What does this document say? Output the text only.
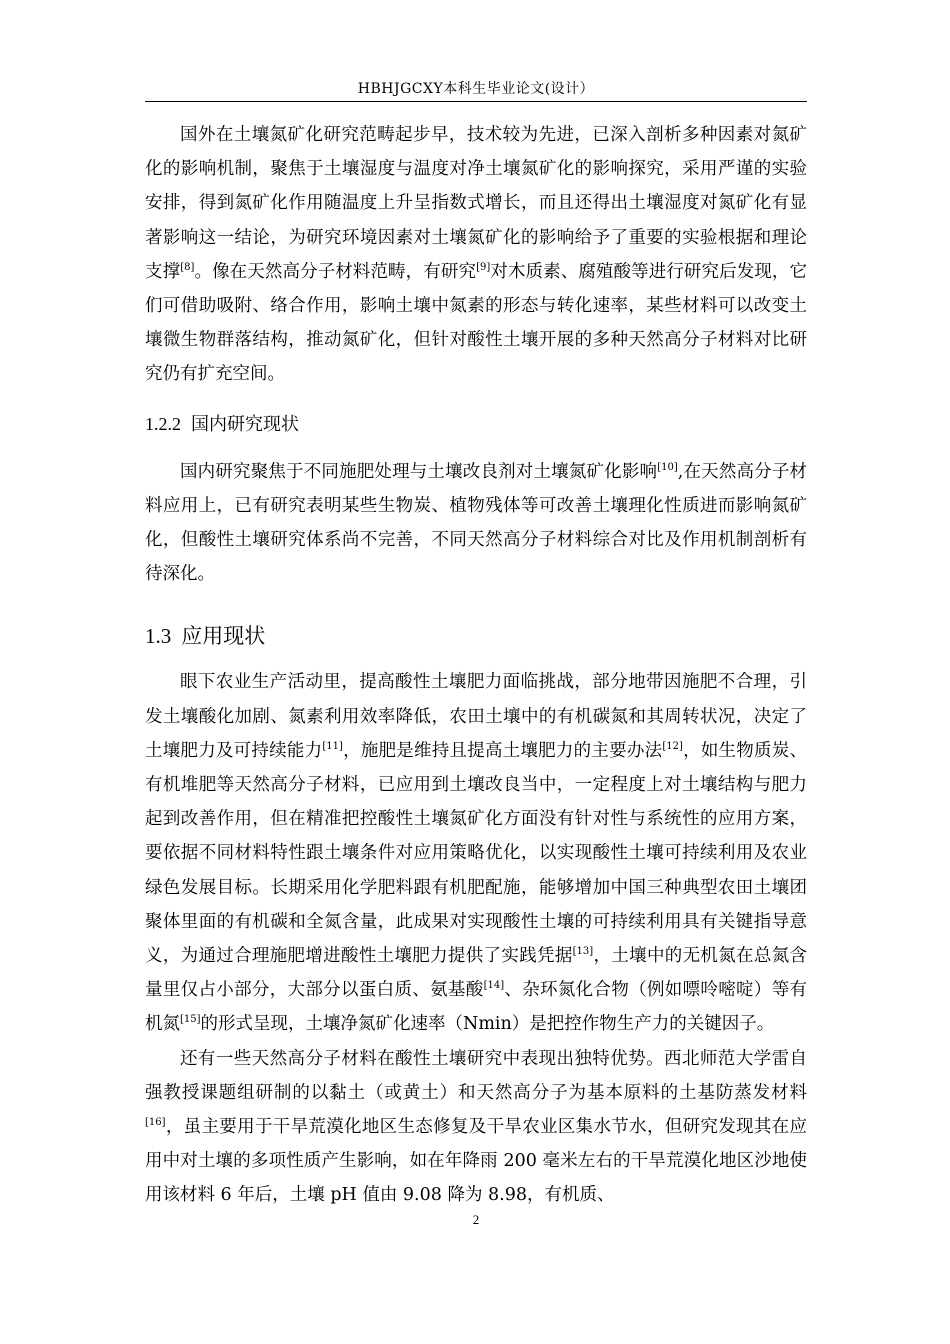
HBHJGCXY本科生毕业论文(设计）

国外在土壤氮矿化研究范畴起步早，技术较为先进，已深入剖析多种因素对氮矿化的影响机制，聚焦于土壤湿度与温度对净土壤氮矿化的影响探究，采用严谨的实验安排，得到氮矿化作用随温度上升呈指数式增长，而且还得出土壤湿度对氮矿化有显著影响这一结论，为研究环境因素对土壤氮矿化的影响给予了重要的实验根据和理论支撑[8]。像在天然高分子材料范畴，有研究[9]对木质素、腐殖酸等进行研究后发现，它们可借助吸附、络合作用，影响土壤中氮素的形态与转化速率，某些材料可以改变土壤微生物群落结构，推动氮矿化，但针对酸性土壤开展的多种天然高分子材料对比研究仍有扩充空间。

1.2.2 国内研究现状

国内研究聚焦于不同施肥处理与土壤改良剂对土壤氮矿化影响[10],在天然高分子材料应用上，已有研究表明某些生物炭、植物残体等可改善土壤理化性质进而影响氮矿化，但酸性土壤研究体系尚不完善，不同天然高分子材料综合对比及作用机制剖析有待深化。

1.3 应用现状

眼下农业生产活动里，提高酸性土壤肥力面临挑战，部分地带因施肥不合理，引发土壤酸化加剧、氮素利用效率降低，农田土壤中的有机碳氮和其周转状况，决定了土壤肥力及可持续能力[11]，施肥是维持且提高土壤肥力的主要办法[12]，如生物质炭、有机堆肥等天然高分子材料，已应用到土壤改良当中，一定程度上对土壤结构与肥力起到改善作用，但在精准把控酸性土壤氮矿化方面没有针对性与系统性的应用方案，要依据不同材料特性跟土壤条件对应用策略优化，以实现酸性土壤可持续利用及农业绿色发展目标。长期采用化学肥料跟有机肥配施，能够增加中国三种典型农田土壤团聚体里面的有机碳和全氮含量，此成果对实现酸性土壤的可持续利用具有关键指导意义，为通过合理施肥增进酸性土壤肥力提供了实践凭据[13]，土壤中的无机氮在总氮含量里仅占小部分，大部分以蛋白质、氨基酸[14]、杂环氮化合物（例如嘌呤嘧啶）等有机氮[15]的形式呈现，土壤净氮矿化速率（Nmin）是把控作物生产力的关键因子。

还有一些天然高分子材料在酸性土壤研究中表现出独特优势。西北师范大学雷自强教授课题组研制的以黏土（或黄土）和天然高分子为基本原料的土基防蒸发材料[16]，虽主要用于干旱荒漠化地区生态修复及干旱农业区集水节水，但研究发现其在应用中对土壤的多项性质产生影响，如在年降雨 200 毫米左右的干旱荒漠化地区沙地使用该材料 6 年后，土壤 pH 值由 9.08 降为 8.98，有机质、

2
